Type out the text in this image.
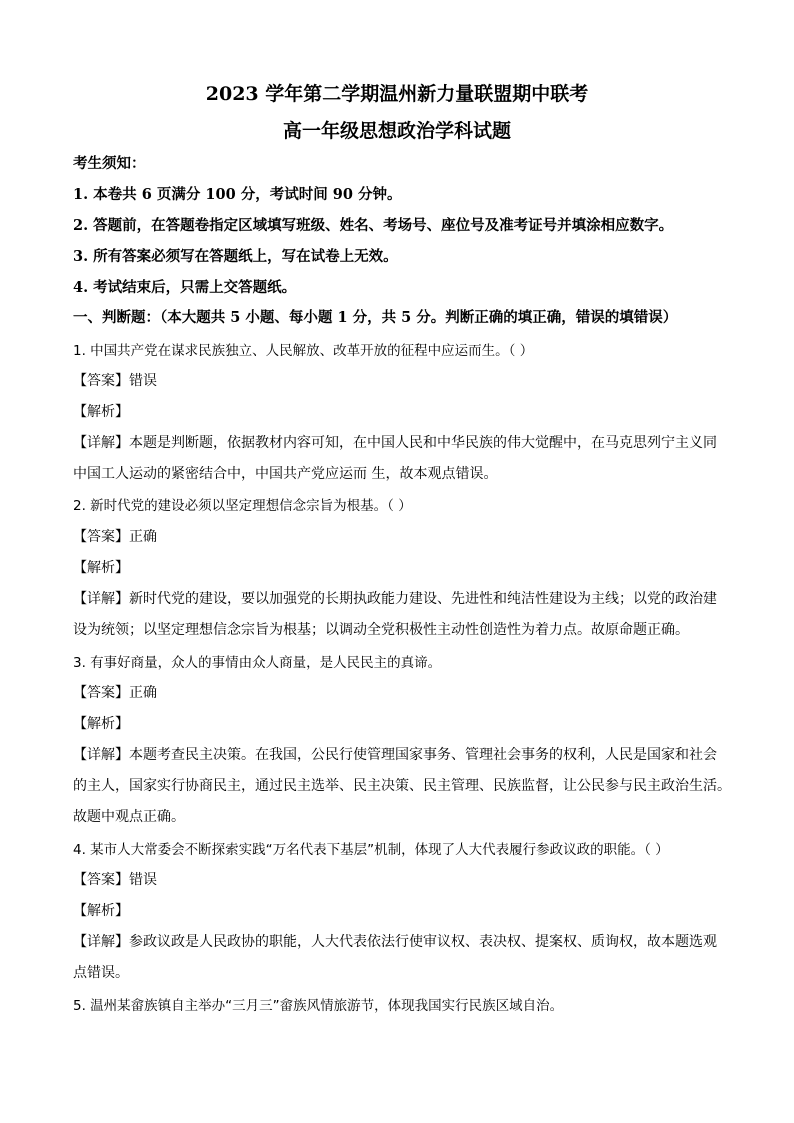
2023 学年第二学期温州新力量联盟期中联考
高一年级思想政治学科试题
考生须知：
1. 本卷共 6 页满分 100 分，考试时间 90 分钟。
2. 答题前，在答题卷指定区域填写班级、姓名、考场号、座位号及准考证号并填涂相应数字。
3. 所有答案必须写在答题纸上，写在试卷上无效。
4. 考试结束后，只需上交答题纸。
一、判断题：（本大题共 5 小题、每小题 1 分，共 5 分。判断正确的填正确，错误的填错误）
1. 中国共产党在谋求民族独立、人民解放、改革开放的征程中应运而生。（ ）
【答案】错误
【解析】
【详解】本题是判断题，依据教材内容可知，在中国人民和中华民族的伟大觉醒中，在马克思列宁主义同
中国工人运动的紧密结合中，中国共产党应运而 生，故本观点错误。
2. 新时代党的建设必须以坚定理想信念宗旨为根基。（ ）
【答案】正确
【解析】
【详解】新时代党的建设，要以加强党的长期执政能力建设、先进性和纯洁性建设为主线；以党的政治建
设为统领；以坚定理想信念宗旨为根基；以调动全党积极性主动性创造性为着力点。故原命题正确。
3. 有事好商量，众人的事情由众人商量，是人民民主的真谛。
【答案】正确
【解析】
【详解】本题考查民主决策。在我国，公民行使管理国家事务、管理社会事务的权利，人民是国家和社会
的主人，国家实行协商民主，通过民主选举、民主决策、民主管理、民族监督，让公民参与民主政治生活。
故题中观点正确。
4. 某市人大常委会不断探索实践“万名代表下基层”机制，体现了人大代表履行参政议政的职能。（ ）
【答案】错误
【解析】
【详解】参政议政是人民政协的职能，人大代表依法行使审议权、表决权、提案权、质询权，故本题选观
点错误。
5. 温州某畲族镇自主举办“三月三”畲族风情旅游节，体现我国实行民族区域自治。
